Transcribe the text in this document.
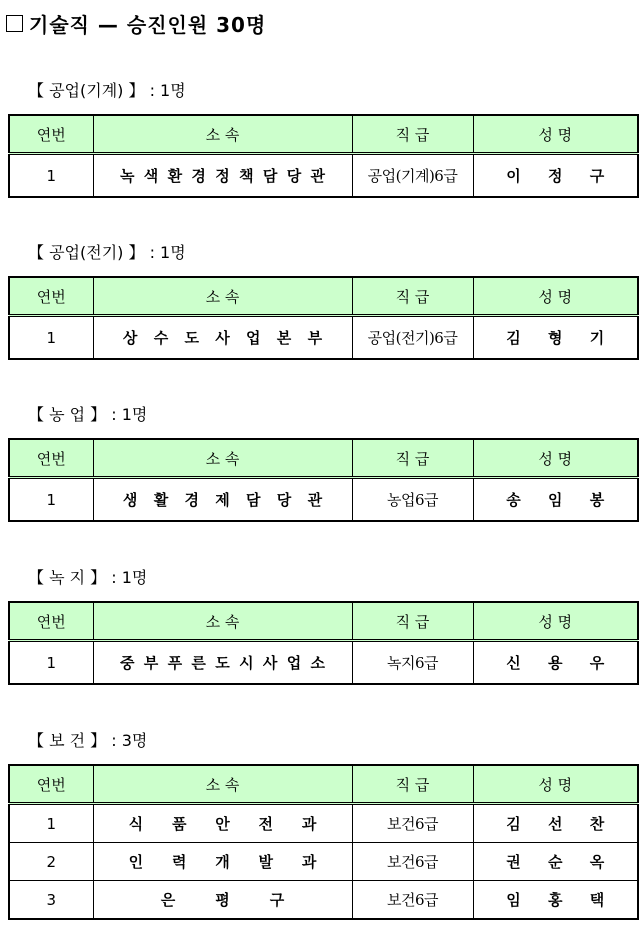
기술직 — 승진인원 30명
【 공업(기계) 】 : 1명
연번	소 속	직 급	성 명
1	녹색환경정책담당관	공업(기계)6급	이 정 구
【 공업(전기) 】 : 1명
연번	소 속	직 급	성 명
1	상수도사업본부	공업(전기)6급	김 형 기
【 농 업 】 : 1명
연번	소 속	직 급	성 명
1	생활경제담당관	농업6급	송 임 봉
【 녹 지 】 : 1명
연번	소 속	직 급	성 명
1	중부푸른도시사업소	녹지6급	신 용 우
【 보 건 】 : 3명
연번	소 속	직 급	성 명
1	식품안전과	보건6급	김 선 찬
2	인력개발과	보건6급	권 순 옥
3	은평구	보건6급	임 홍 택
